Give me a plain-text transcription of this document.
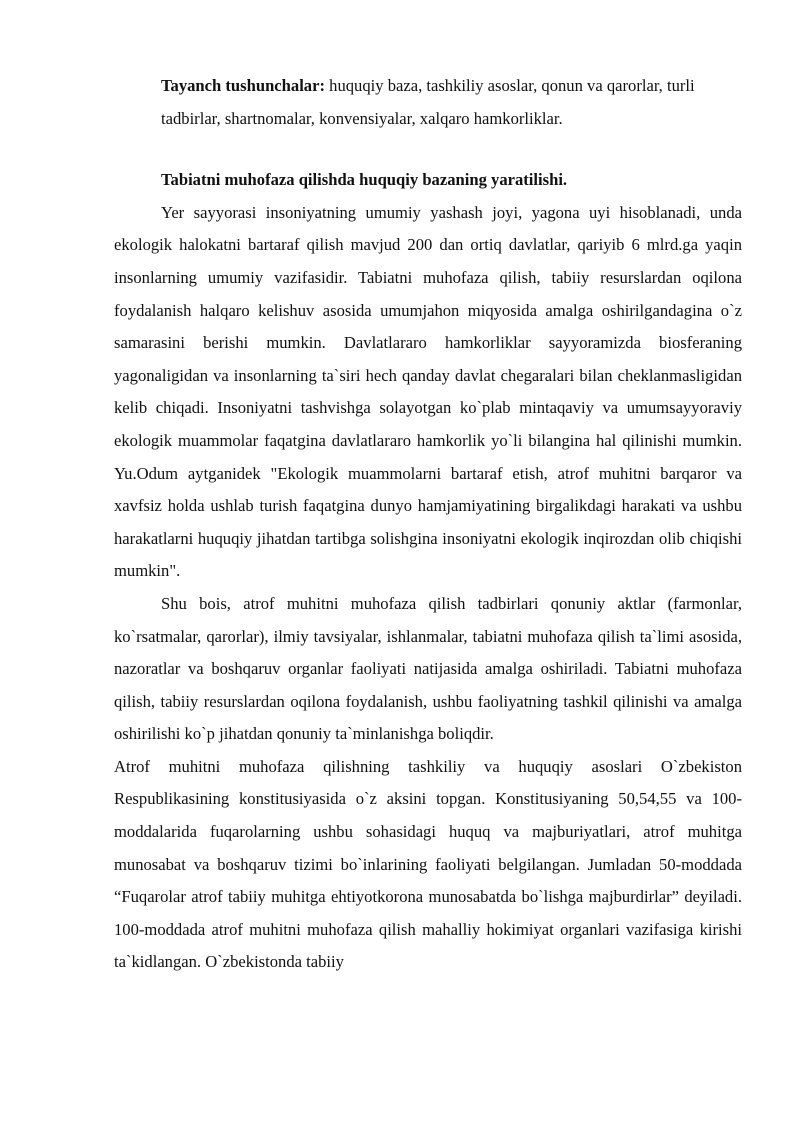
Tayanch tushunchalar: huquqiy baza, tashkiliy asoslar, qonun va qarorlar, turli tadbirlar, shartnomalar, konvensiyalar, xalqaro hamkorliklar.
Tabiatni muhofaza qilishda huquqiy bazaning yaratilishi.

Yer sayyorasi insoniyatning umumiy yashash joyi, yagona uyi hisoblanadi, unda ekologik halokatni bartaraf qilish mavjud 200 dan ortiq davlatlar, qariyib 6 mlrd.ga yaqin insonlarning umumiy vazifasidir. Tabiatni muhofaza qilish, tabiiy resurslardan oqilona foydalanish halqaro kelishuv asosida umumjahon miqyosida amalga oshirilgandagina o`z samarasini berishi mumkin. Davlatlararo hamkorliklar sayyoramizda biosferaning yagonaligidan va insonlarning ta`siri hech qanday davlat chegaralari bilan cheklanmasligidan kelib chiqadi. Insoniyatni tashvishga solayotgan ko`plab mintaqaviy va umumsayyoraviy ekologik muammolar faqatgina davlatlararo hamkorlik yo`li bilangina hal qilinishi mumkin. Yu.Odum aytganidek "Ekologik muammolarni bartaraf etish, atrof muhitni barqaror va xavfsiz holda ushlab turish faqatgina dunyo hamjamiyatining birgalikdagi harakati va ushbu harakatlarni huquqiy jihatdan tartibga solishgina insoniyatni ekologik inqirozdan olib chiqishi mumkin".

Shu bois, atrof muhitni muhofaza qilish tadbirlari qonuniy aktlar (farmonlar, ko`rsatmalar, qarorlar), ilmiy tavsiyalar, ishlanmalar, tabiatni muhofaza qilish ta`limi asosida, nazoratlar va boshqaruv organlar faoliyati natijasida amalga oshiriladi. Tabiatni muhofaza qilish, tabiiy resurslardan oqilona foydalanish, ushbu faoliyatning tashkil qilinishi va amalga oshirilishi ko`p jihatdan qonuniy ta`minlanishga boliqdir.

Atrof muhitni muhofaza qilishning tashkiliy va huquqiy asoslari O`zbekiston Respublikasining konstitusiyasida o`z aksini topgan. Konstitusiyaning 50,54,55 va 100-moddalarida fuqarolarning ushbu sohasidagi huquq va majburiyatlari, atrof muhitga munosabat va boshqaruv tizimi bo`inlarining faoliyati belgilangan. Jumladan 50-moddada “Fuqarolar atrof tabiiy muhitga ehtiyotkorona munosabatda bo`lishga majburdirlar” deyiladi. 100-moddada atrof muhitni muhofaza qilish mahalliy hokimiyat organlari vazifasiga kirishi ta`kidlangan. O`zbekistonda tabiiy
